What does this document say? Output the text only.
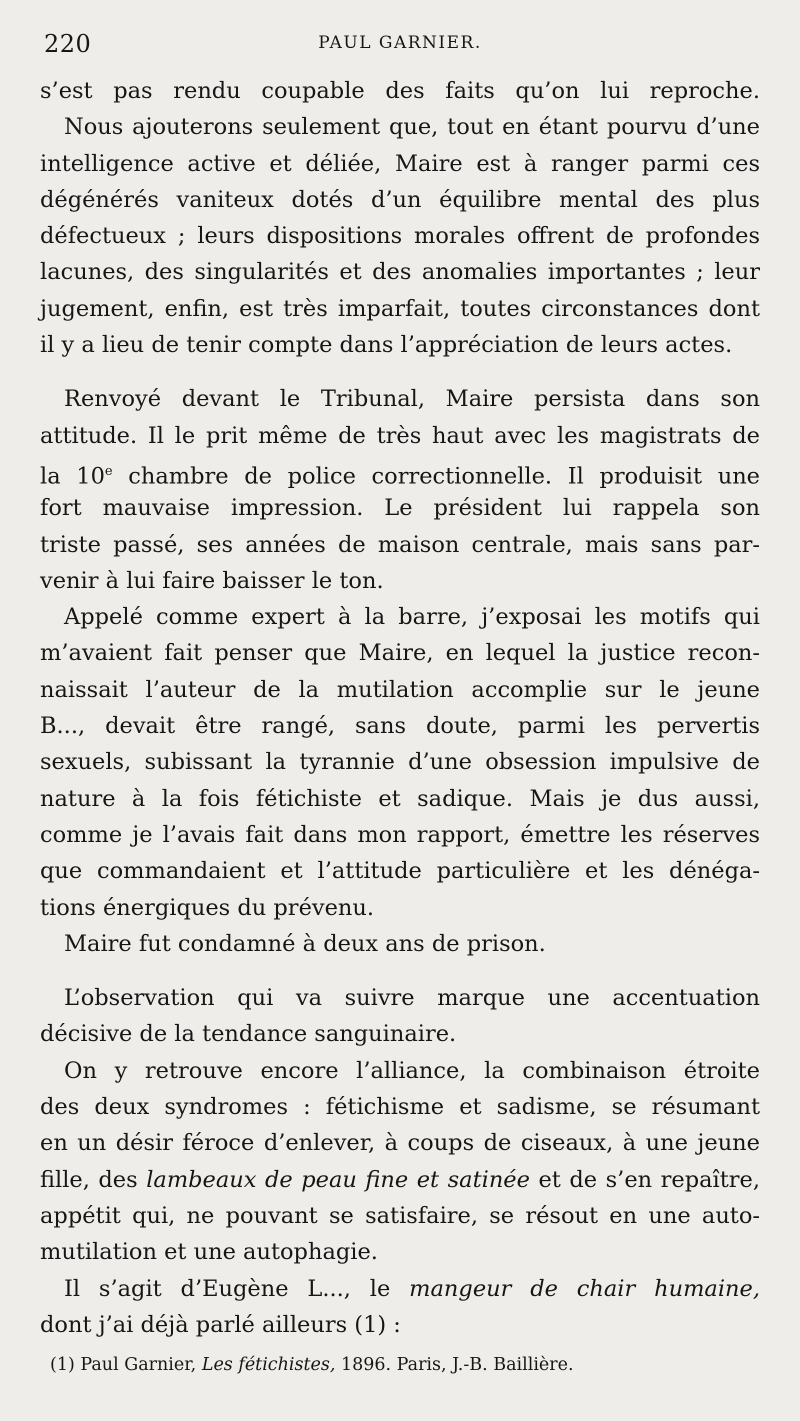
220	PAUL GARNIER.
s’est pas rendu coupable des faits qu’on lui reproche.
Nous ajouterons seulement que, tout en étant pourvu d’une
intelligence active et déliée, Maire est à ranger parmi ces
dégénérés vaniteux dotés d’un équilibre mental des plus
défectueux ; leurs dispositions morales offrent de profondes
lacunes, des singularités et des anomalies importantes ; leur
jugement, enfin, est très imparfait, toutes circonstances dont
il y a lieu de tenir compte dans l’appréciation de leurs actes.
Renvoyé devant le Tribunal, Maire persista dans son
attitude. Il le prit même de très haut avec les magistrats de
la 10e chambre de police correctionnelle. Il produisit une
fort mauvaise impression. Le président lui rappela son
triste passé, ses années de maison centrale, mais sans par-
venir à lui faire baisser le ton.
Appelé comme expert à la barre, j’exposai les motifs qui
m’avaient fait penser que Maire, en lequel la justice recon-
naissait l’auteur de la mutilation accomplie sur le jeune
B..., devait être rangé, sans doute, parmi les pervertis
sexuels, subissant la tyrannie d’une obsession impulsive de
nature à la fois fétichiste et sadique. Mais je dus aussi,
comme je l’avais fait dans mon rapport, émettre les réserves
que commandaient et l’attitude particulière et les dénéga-
tions énergiques du prévenu.
Maire fut condamné à deux ans de prison.
L’observation qui va suivre marque une accentuation
décisive de la tendance sanguinaire.
On y retrouve encore l’alliance, la combinaison étroite
des deux syndromes : fétichisme et sadisme, se résumant
en un désir féroce d’enlever, à coups de ciseaux, à une jeune
fille, des lambeaux de peau fine et satinée et de s’en repaître,
appétit qui, ne pouvant se satisfaire, se résout en une auto-
mutilation et une autophagie.
Il s’agit d’Eugène L..., le mangeur de chair humaine,
dont j’ai déjà parlé ailleurs (1) :
(1) Paul Garnier, Les fétichistes, 1896. Paris, J.-B. Baillière.
